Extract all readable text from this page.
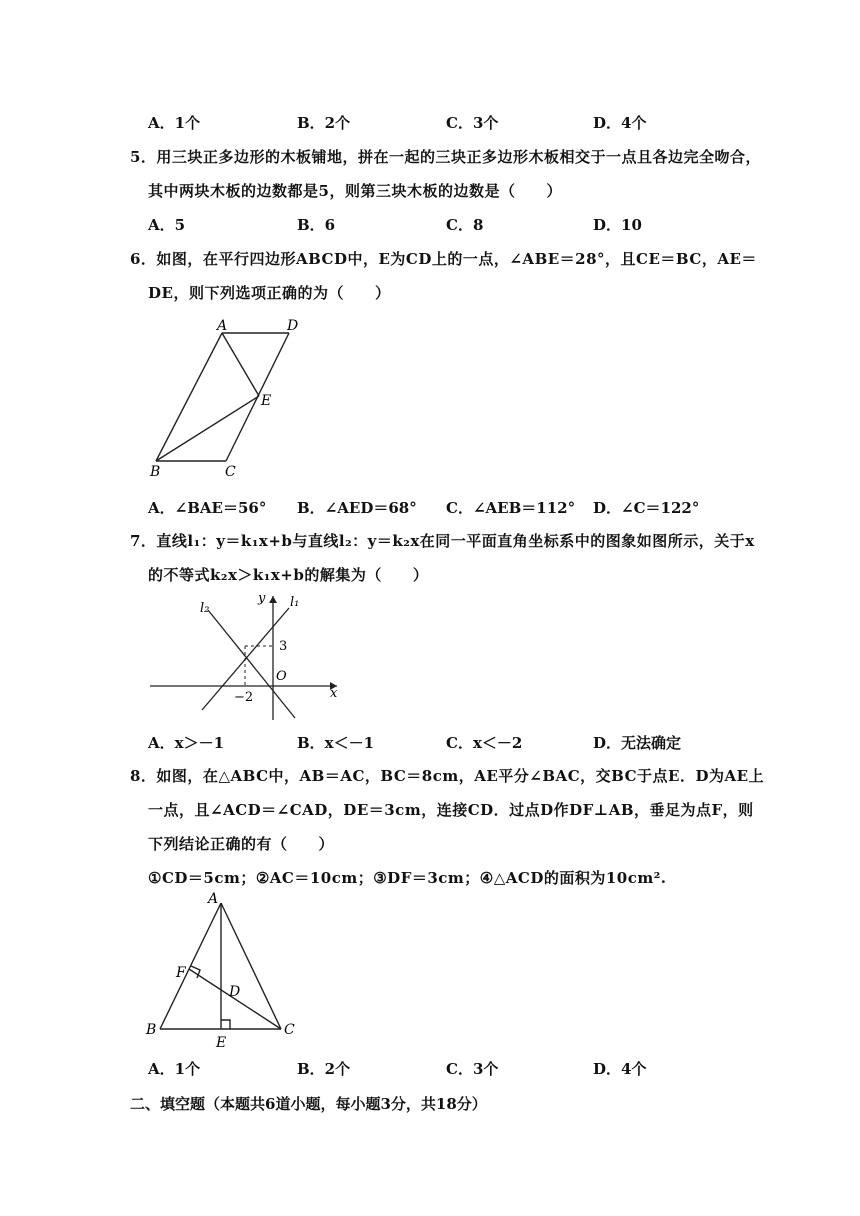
A．1个	B．2个	C．3个	D．4个
5．用三块正多边形的木板铺地，拼在一起的三块正多边形木板相交于一点且各边完全吻合，
其中两块木板的边数都是5，则第三块木板的边数是（　　）
A．5	B．6	C．8	D．10
6．如图，在平行四边形ABCD中，E为CD上的一点，∠ABE＝28°，且CE＝BC，AE＝
DE，则下列选项正确的为（　　）
A	D
E
B	C
A．∠BAE＝56° B．∠AED＝68° C．∠AEB＝112° D．∠C＝122°
7．直线l₁：y＝k₁x+b与直线l₂：y＝k₂x在同一平面直角坐标系中的图象如图所示，关于x
的不等式k₂x＞k₁x+b的解集为（　　）
l₂
y l₁
3
O
−2	x
A．x＞－1	B．x＜－1	C．x＜－2	D．无法确定
8．如图，在△ABC中，AB＝AC，BC＝8cm，AE平分∠BAC，交BC于点E．D为AE上
一点，且∠ACD＝∠CAD，DE＝3cm，连接CD．过点D作DF⊥AB，垂足为点F，则
下列结论正确的有（　　）
①CD＝5cm；②AC＝10cm；③DF＝3cm；④△ACD的面积为10cm².
A
F
D
B	C
E
A．1个	B．2个	C．3个	D．4个
二、填空题（本题共6道小题，每小题3分，共18分）
